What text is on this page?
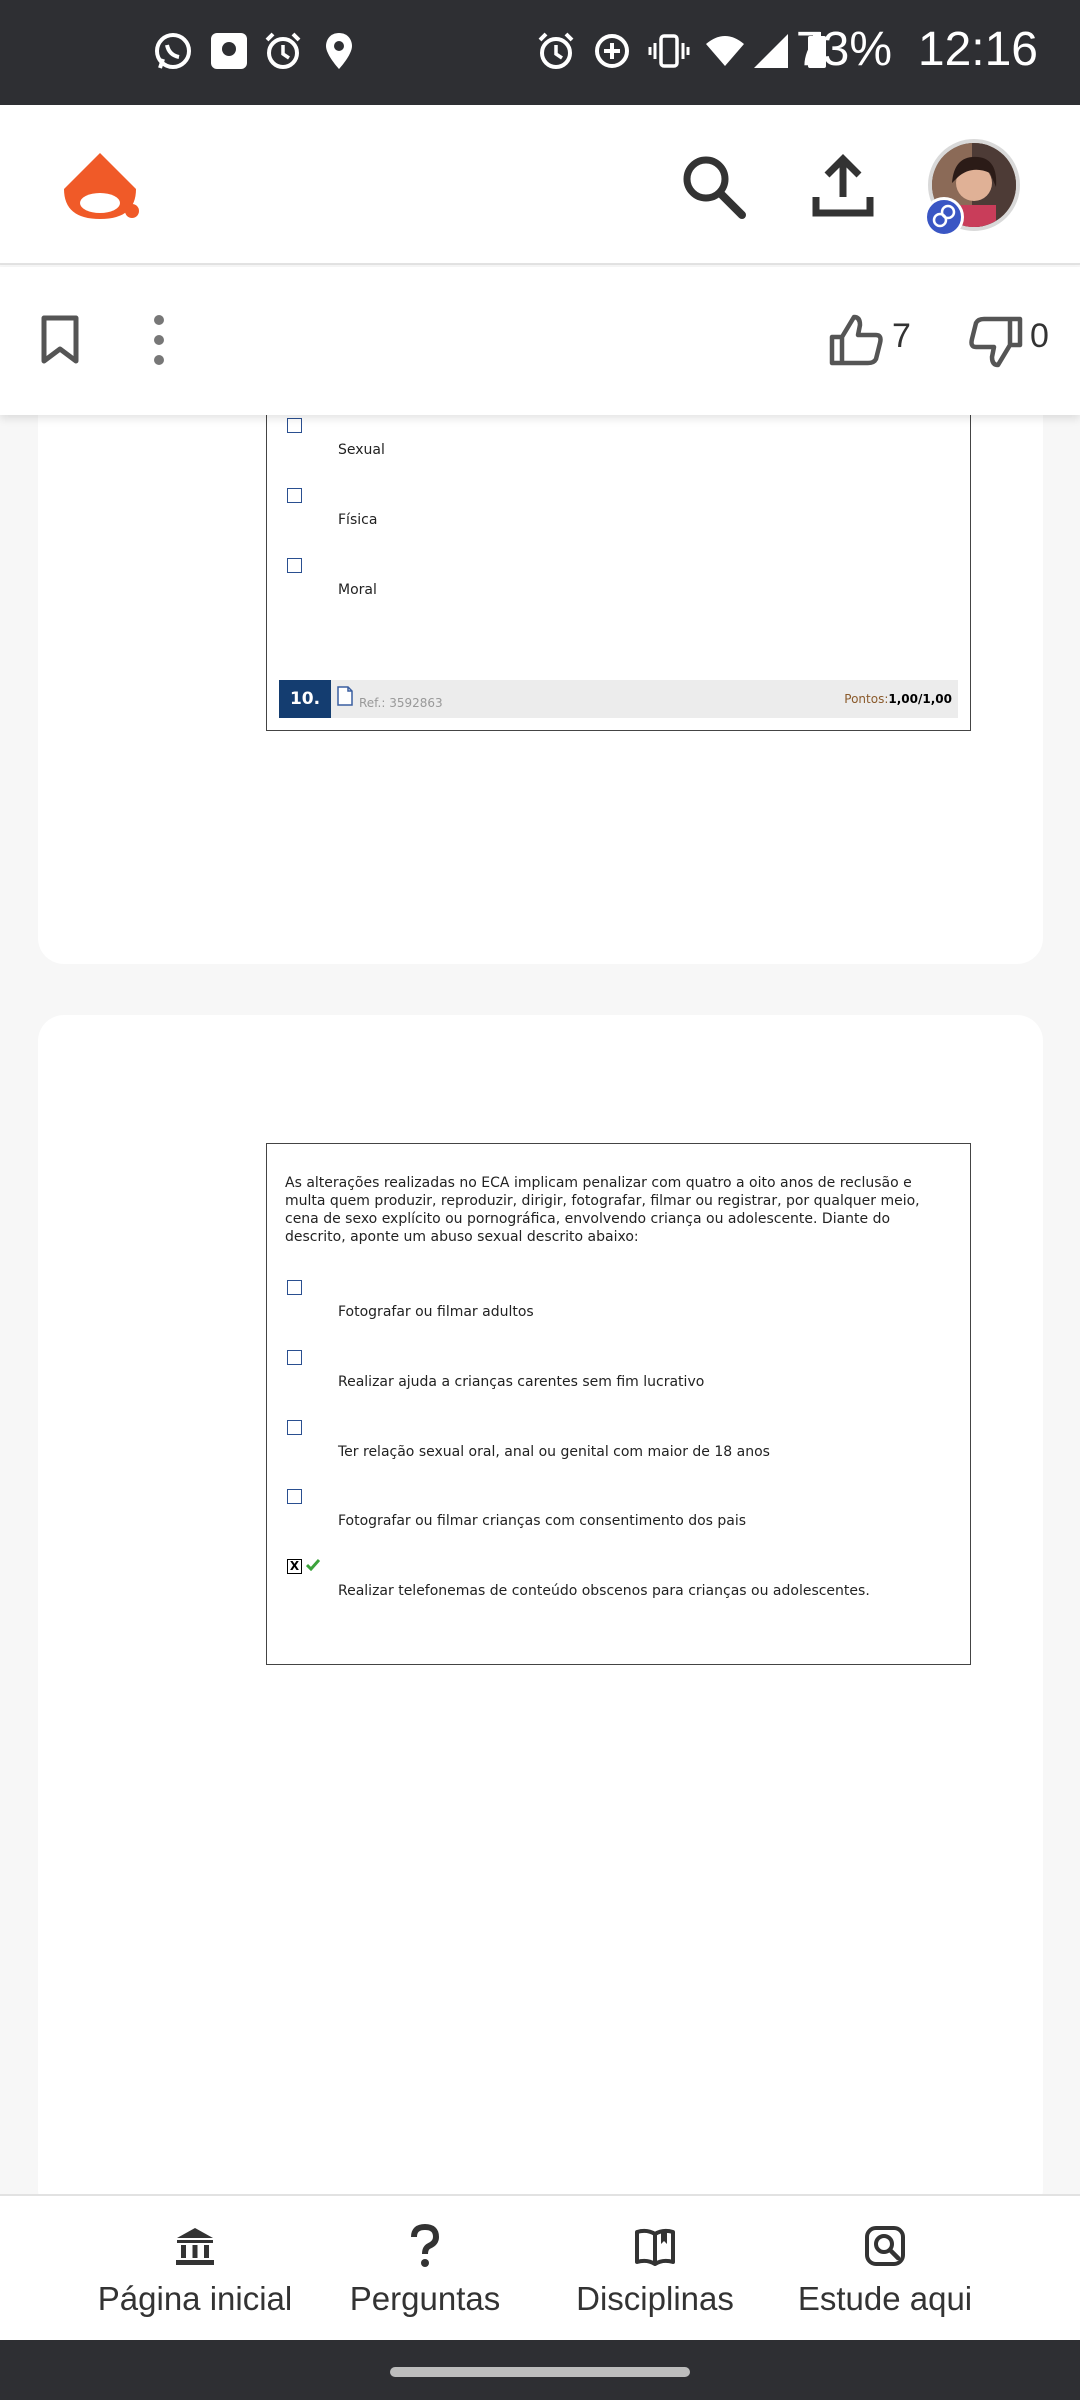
73% 12:16
7	0
Sexual
Física
Moral
10.	Ref.: 3592863	Pontos:1,00/1,00
As alterações realizadas no ECA implicam penalizar com quatro a oito anos de reclusão e multa quem produzir, reproduzir, dirigir, fotografar, filmar ou registrar, por qualquer meio, cena de sexo explícito ou pornográfica, envolvendo criança ou adolescente. Diante do descrito, aponte um abuso sexual descrito abaixo:
Fotografar ou filmar adultos
Realizar ajuda a crianças carentes sem fim lucrativo
Ter relação sexual oral, anal ou genital com maior de 18 anos
Fotografar ou filmar crianças com consentimento dos pais
X
Realizar telefonemas de conteúdo obscenos para crianças ou adolescentes.
Página inicial	Perguntas	Disciplinas	Estude aqui
